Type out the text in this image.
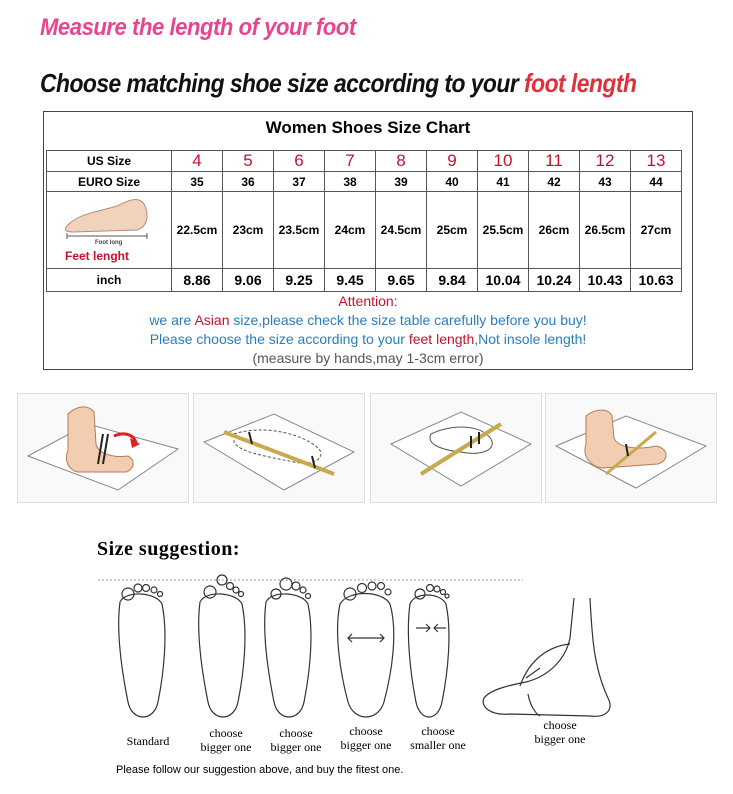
Measure the length of your foot
Choose matching shoe size according to your foot length
Women Shoes Size Chart
US Size	4	5	6	7	8	9	10	11	12	13
EURO Size	35	36	37	38	39	40	41	42	43	44

Foot long
Feet lenght	22.5cm	23cm	23.5cm	24cm	24.5cm	25cm	25.5cm	26cm	26.5cm	27cm
inch	8.86	9.06	9.25	9.45	9.65	9.84	10.04	10.24	10.43	10.63
Attention:
we are Asian size,please check the size table carefully before you buy!
Please choose the size according to your feet length,Not insole length!
(measure by hands,may 1-3cm error)
Size suggestion:
Standard
choose
bigger one
choose
bigger one
choose
bigger one
choose
smaller one
choose
bigger one
Please follow our suggestion above, and buy the fitest one.
